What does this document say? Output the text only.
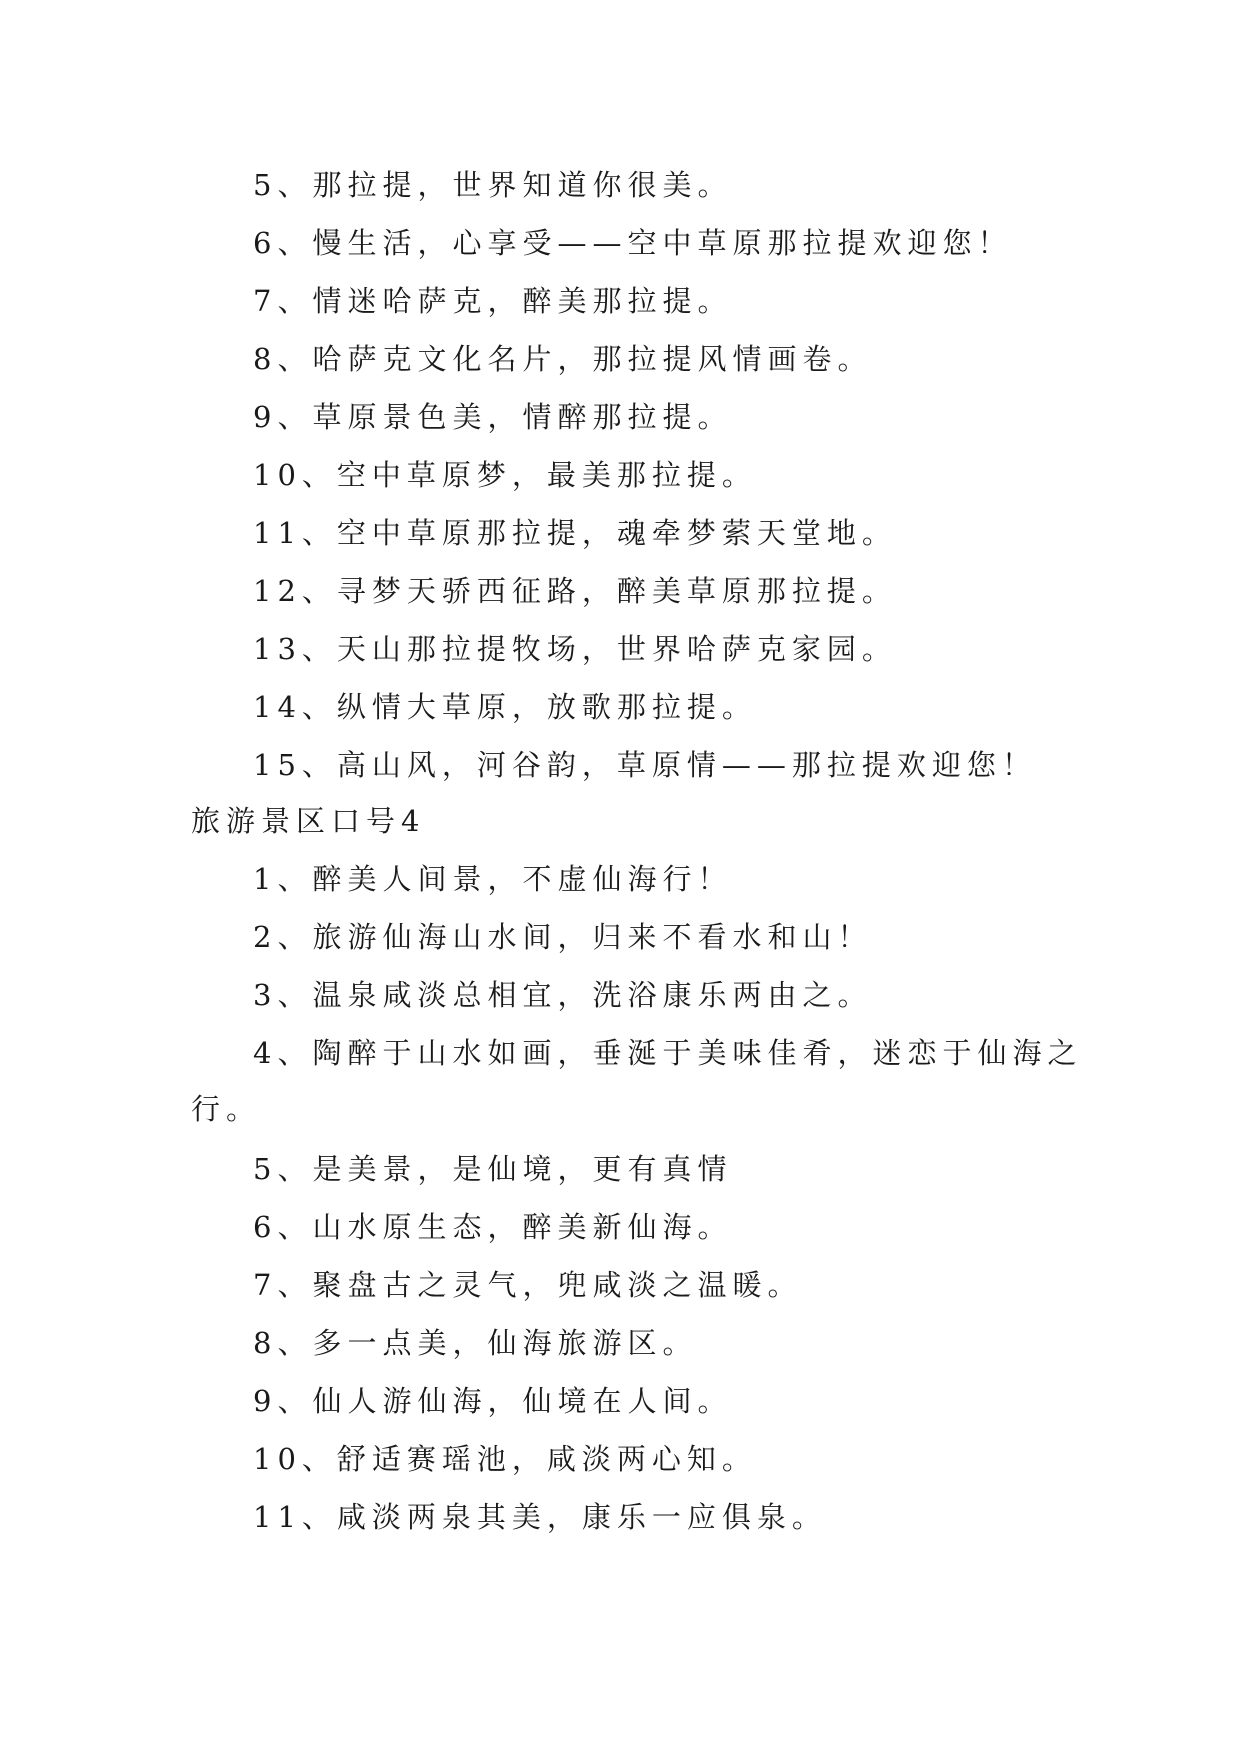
5、那拉提，世界知道你很美。
6、慢生活，心享受——空中草原那拉提欢迎您！
7、情迷哈萨克，醉美那拉提。
8、哈萨克文化名片，那拉提风情画卷。
9、草原景色美，情醉那拉提。
10、空中草原梦，最美那拉提。
11、空中草原那拉提，魂牵梦萦天堂地。
12、寻梦天骄西征路，醉美草原那拉提。
13、天山那拉提牧场，世界哈萨克家园。
14、纵情大草原，放歌那拉提。
15、高山风，河谷韵，草原情——那拉提欢迎您！
旅游景区口号4
1、醉美人间景，不虚仙海行！
2、旅游仙海山水间，归来不看水和山！
3、温泉咸淡总相宜，洗浴康乐两由之。
4、陶醉于山水如画，垂涎于美味佳肴，迷恋于仙海之
行。
5、是美景，是仙境，更有真情
6、山水原生态，醉美新仙海。
7、聚盘古之灵气，兜咸淡之温暖。
8、多一点美，仙海旅游区。
9、仙人游仙海，仙境在人间。
10、舒适赛瑶池，咸淡两心知。
11、咸淡两泉其美，康乐一应俱泉。
